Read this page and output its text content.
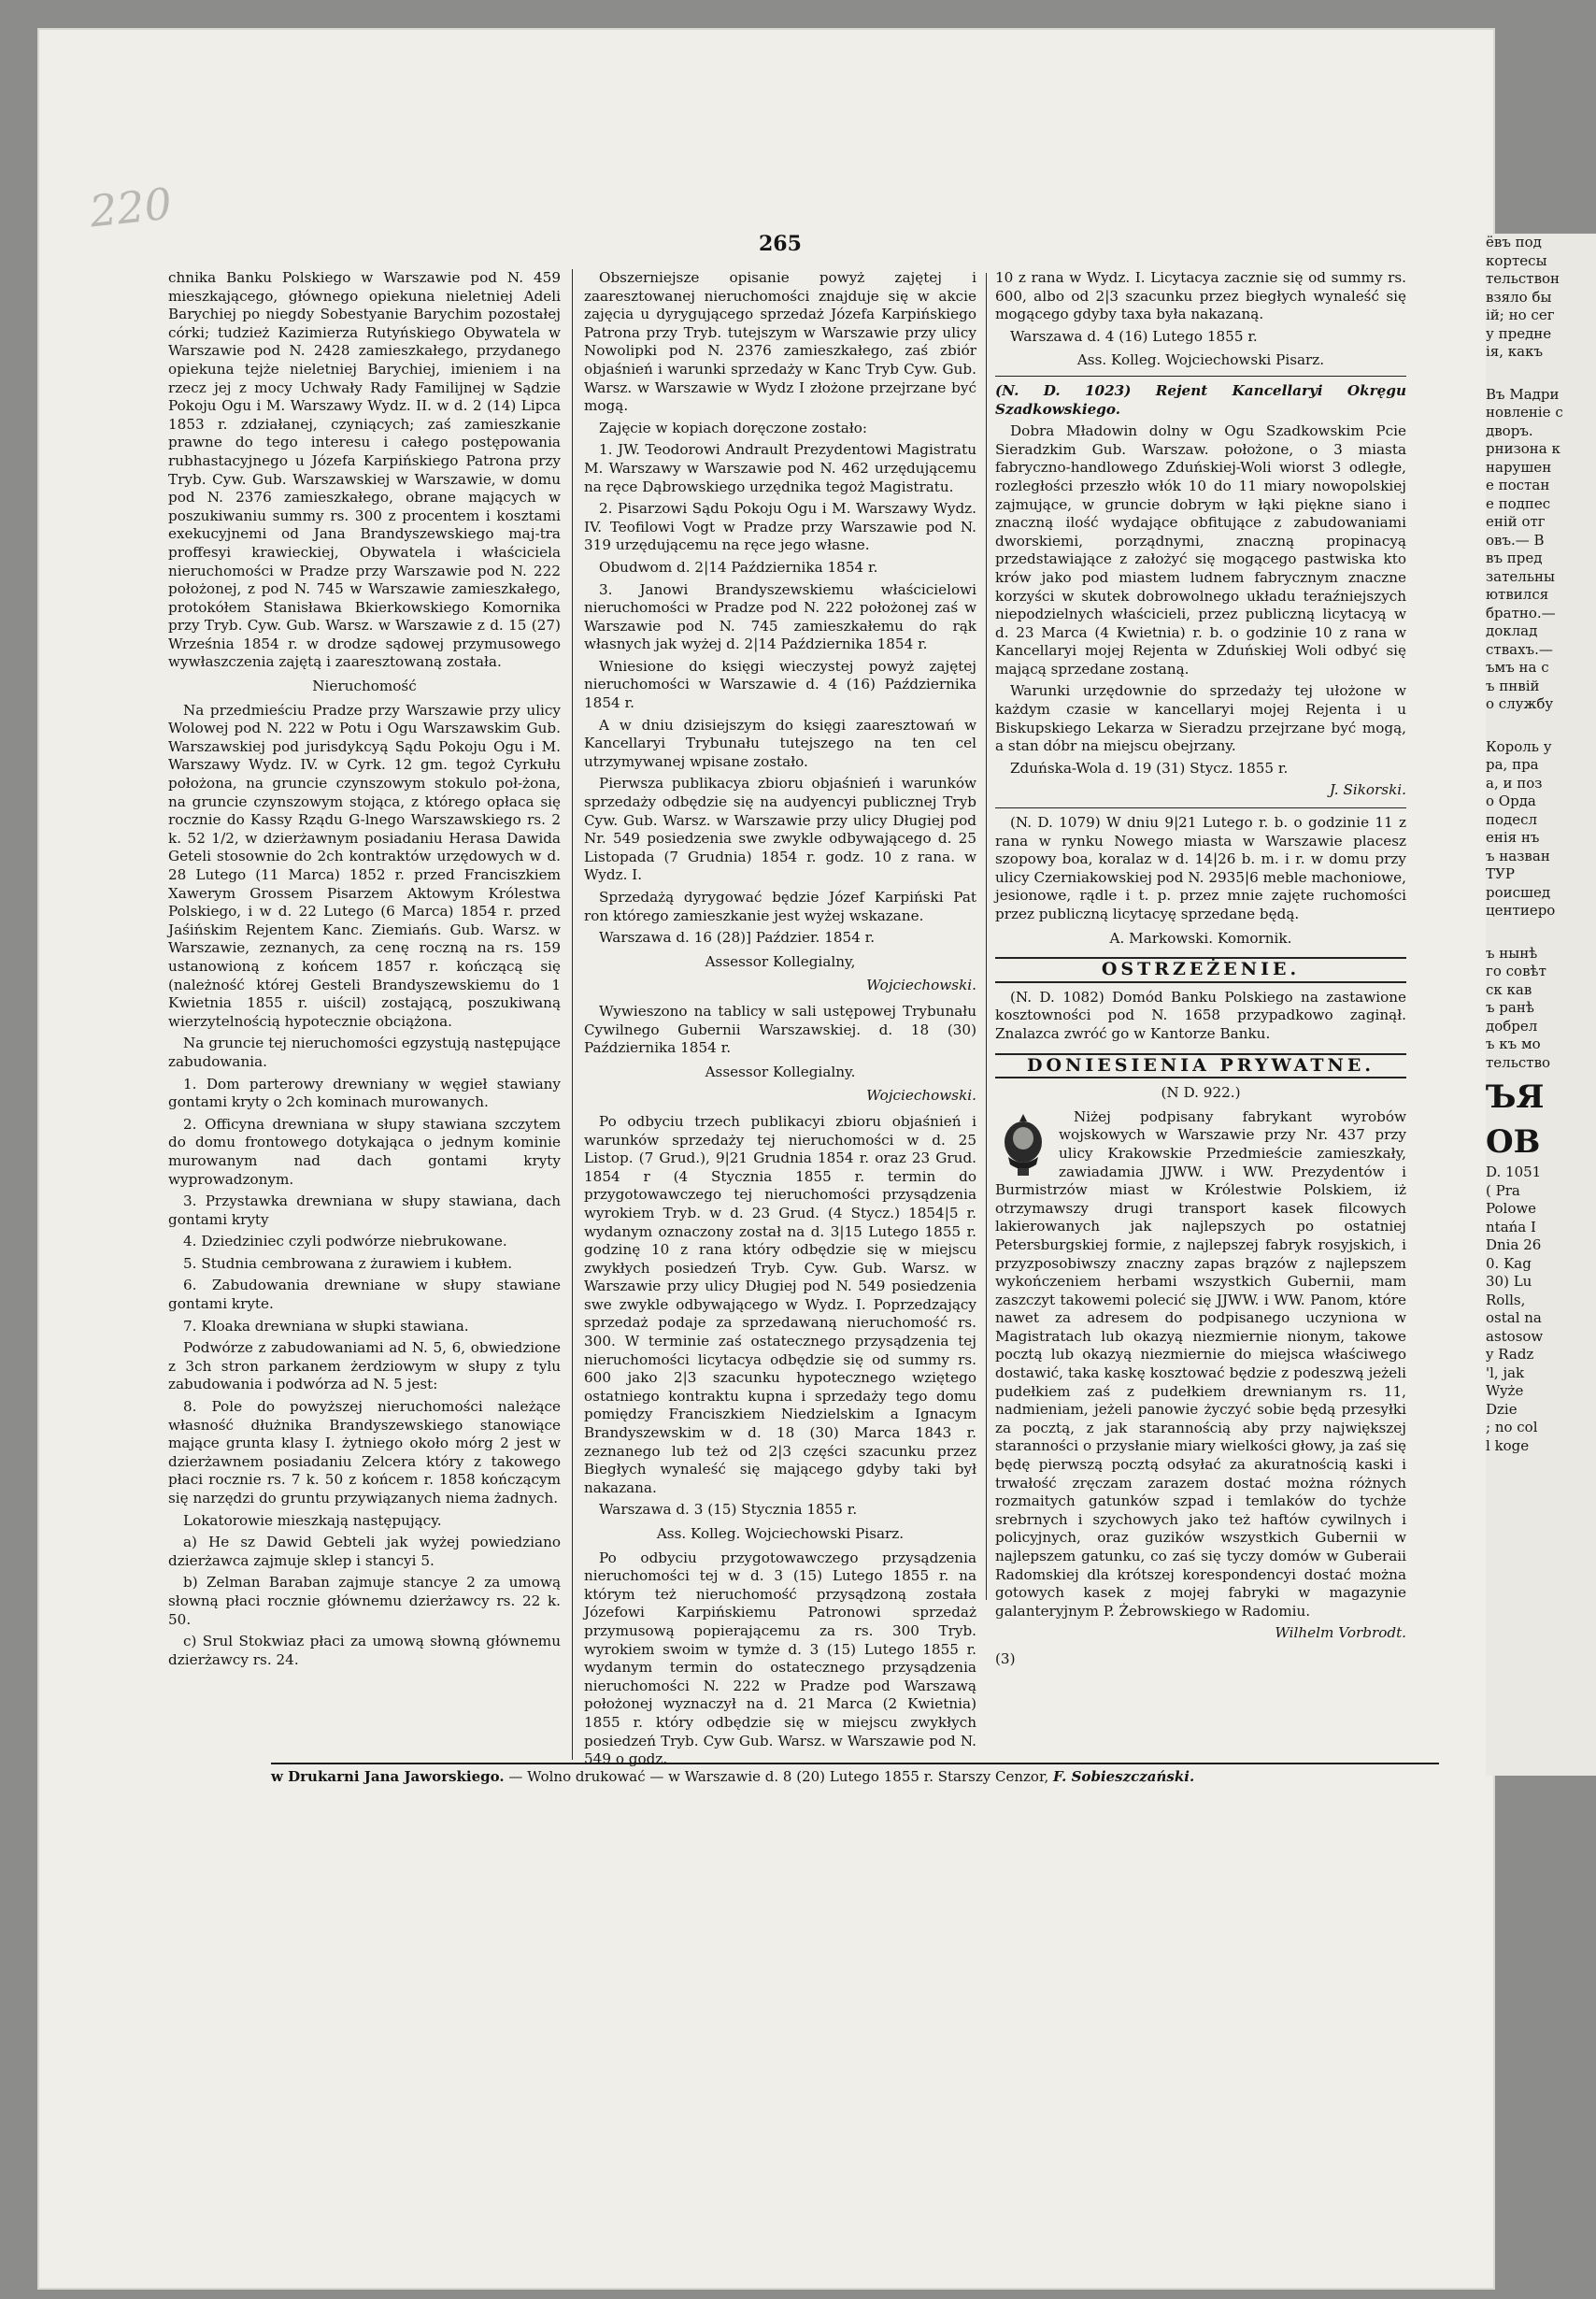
220
265

chnika Banku Polskiego w Warszawie pod N. 459 mieszkającego, głównego opiekuna nieletniej Adeli Barychiej po niegdy Sobestyanie Barychim pozostałej córki; tudzież Kazimierza Rutyńskiego Obywatela w Warszawie pod N. 2428 zamieszkałego, przydanego opiekuna tejże nieletniej Barychiej, imieniem i na rzecz jej z mocy Uchwały Rady Familijnej w Sądzie Pokoju Ogu i M. Warszawy Wydz. II. w d. 2 (14) Lipca 1853 r. zdziałanej, czyniących; zaś zamieszkanie prawne do tego interesu i całego postępowania rubhastacyjnego u Józefa Karpińskiego Patrona przy Tryb. Cyw. Gub. Warszawskiej w Warszawie, w domu pod N. 2376 zamieszkałego, obrane mających w poszukiwaniu summy rs. 300 z procentem i kosztami exekucyjnemi od Jana Brandyszewskiego maj-tra proffesyi krawieckiej, Obywatela i właściciela nieruchomości w Pradze przy Warszawie pod N. 222 położonej, z pod N. 745 w Warszawie zamieszkałego, protokółem Stanisława Bkierkowskiego Komornika przy Tryb. Cyw. Gub. Warsz. w Warszawie z d. 15 (27) Września 1854 r. w drodze sądowej przymusowego wywłaszczenia zajętą i zaaresztowaną została.

Nieruchomość

Na przedmieściu Pradze przy Warszawie przy ulicy Wolowej pod N. 222 w Potu i Ogu Warszawskim Gub. Warszawskiej pod jurisdykcyą Sądu Pokoju Ogu i M. Warszawy Wydz. IV. w Cyrk. 12 gm. tegoż Cyrkułu położona, na gruncie czynszowym stokulo poł-żona, na gruncie czynszowym stojąca, z którego opłaca się rocznie do Kassy Rządu G-lnego Warszawskiego rs. 2 k. 52 1/2, w dzierżawnym posiadaniu Herasa Dawida Geteli stosownie do 2ch kontraktów urzędowych w d. 28 Lutego (11 Marca) 1852 r. przed Franciszkiem Xawerym Grossem Pisarzem Aktowym Królestwa Polskiego, i w d. 22 Lutego (6 Marca) 1854 r. przed Jaśińskim Rejentem Kanc. Ziemiańs. Gub. Warsz. w Warszawie, zeznanych, za cenę roczną na rs. 159 ustanowioną z końcem 1857 r. kończącą się (należność której Gesteli Brandyszewskiemu do 1 Kwietnia 1855 r. uiścil) zostającą, poszukiwaną wierzytelnością hypotecznie obciążona.

Na gruncie tej nieruchomości egzystują następujące zabudowania.

1. Dom parterowy drewniany w węgieł stawiany gontami kryty o 2ch kominach murowanych.

2. Officyna drewniana w słupy stawiana szczytem do domu frontowego dotykająca o jednym kominie murowanym nad dach gontami kryty wyprowadzonym.

3. Przystawka drewniana w słupy stawiana, dach gontami kryty

4. Dziedziniec czyli podwórze niebrukowane.

5. Studnia cembrowana z żurawiem i kubłem.

6. Zabudowania drewniane w słupy stawiane gontami kryte.

7. Kloaka drewniana w słupki stawiana.

Podwórze z zabudowaniami ad N. 5, 6, obwiedzione z 3ch stron parkanem żerdziowym w słupy z tylu zabudowania i podwórza ad N. 5 jest:

8. Pole do powyższej nieruchomości należące własność dłużnika Brandyszewskiego stanowiące mające grunta klasy I. żytniego około mórg 2 jest w dzierżawnem posiadaniu Zelcera który z takowego płaci rocznie rs. 7 k. 50 z końcem r. 1858 kończącym się narzędzi do gruntu przywiązanych niema żadnych.

Lokatorowie mieszkają następujący.

a) He sz Dawid Gebteli jak wyżej powiedziano dzierżawca zajmuje sklep i stancyi 5.

b) Zelman Baraban zajmuje stancye 2 za umową słowną płaci rocznie głównemu dzierżawcy rs. 22 k. 50.

c) Srul Stokwiaz płaci za umową słowną głównemu dzierżawcy rs. 24.

Obszerniejsze opisanie powyż zajętej i zaaresztowanej nieruchomości znajduje się w akcie zajęcia u dyrygującego sprzedaż Józefa Karpińskiego Patrona przy Tryb. tutejszym w Warszawie przy ulicy Nowolipki pod N. 2376 zamieszkałego, zaś zbiór objaśnień i warunki sprzedaży w Kanc Tryb Cyw. Gub. Warsz. w Warszawie w Wydz I złożone przejrzane być mogą.

Zajęcie w kopiach doręczone zostało:

1. JW. Teodorowi Andrault Prezydentowi Magistratu M. Warszawy w Warszawie pod N. 462 urzędującemu na ręce Dąbrowskiego urzędnika tegoż Magistratu.

2. Pisarzowi Sądu Pokoju Ogu i M. Warszawy Wydz. IV. Teofilowi Vogt w Pradze przy Warszawie pod N. 319 urzędującemu na ręce jego własne.

Obudwom d. 2|14 Października 1854 r.

3. Janowi Brandyszewskiemu właścicielowi nieruchomości w Pradze pod N. 222 położonej zaś w Warszawie pod N. 745 zamieszkałemu do rąk własnych jak wyżej d. 2|14 Października 1854 r.

Wniesione do księgi wieczystej powyż zajętej nieruchomości w Warszawie d. 4 (16) Października 1854 r.

A w dniu dzisiejszym do księgi zaaresztowań w Kancellaryi Trybunału tutejszego na ten cel utrzymywanej wpisane zostało.

Pierwsza publikacya zbioru objaśnień i warunków sprzedaży odbędzie się na audyencyi publicznej Tryb Cyw. Gub. Warsz. w Warszawie przy ulicy Długiej pod Nr. 549 posiedzenia swe zwykle odbywającego d. 25 Listopada (7 Grudnia) 1854 r. godz. 10 z rana. w Wydz. I.

Sprzedażą dyrygować będzie Józef Karpiński Pat ron którego zamieszkanie jest wyżej wskazane.

Warszawa d. 16 (28)] Paździer. 1854 r.

Assessor Kollegialny,

Wojciechowski.

Wywieszono na tablicy w sali ustępowej Trybunału Cywilnego Gubernii Warszawskiej. d. 18 (30) Października 1854 r.

Assessor Kollegialny.

Wojciechowski.

Po odbyciu trzech publikacyi zbioru objaśnień i warunków sprzedaży tej nieruchomości w d. 25 Listop. (7 Grud.), 9|21 Grudnia 1854 r. oraz 23 Grud. 1854 r (4 Stycznia 1855 r. termin do przygotowawczego tej nieruchomości przysądzenia wyrokiem Tryb. w d. 23 Grud. (4 Stycz.) 1854|5 r. wydanym oznaczony został na d. 3|15 Lutego 1855 r. godzinę 10 z rana który odbędzie się w miejscu zwykłych posiedzeń Tryb. Cyw. Gub. Warsz. w Warszawie przy ulicy Długiej pod N. 549 posiedzenia swe zwykle odbywającego w Wydz. I. Poprzedzający sprzedaż podaje za sprzedawaną nieruchomość rs. 300. W terminie zaś ostatecznego przysądzenia tej nieruchomości licytacya odbędzie się od summy rs. 600 jako 2|3 szacunku hypotecznego wziętego ostatniego kontraktu kupna i sprzedaży tego domu pomiędzy Franciszkiem Niedzielskim a Ignacym Brandyszewskim w d. 18 (30) Marca 1843 r. zeznanego lub też od 2|3 części szacunku przez Biegłych wynaleść się mającego gdyby taki był nakazana.

Warszawa d. 3 (15) Stycznia 1855 r.

Ass. Kolleg. Wojciechowski Pisarz.

Po odbyciu przygotowawczego przysądzenia nieruchomości tej w d. 3 (15) Lutego 1855 r. na którym też nieruchomość przysądzoną została Józefowi Karpińskiemu Patronowi sprzedaż przymusową popierającemu za rs. 300 Tryb. wyrokiem swoim w tymże d. 3 (15) Lutego 1855 r. wydanym termin do ostatecznego przysądzenia nieruchomości N. 222 w Pradze pod Warszawą położonej wyznaczył na d. 21 Marca (2 Kwietnia) 1855 r. który odbędzie się w miejscu zwykłych posiedzeń Tryb. Cyw Gub. Warsz. w Warszawie pod N. 549 o godz.

10 z rana w Wydz. I. Licytacya zacznie się od summy rs. 600, albo od 2|3 szacunku przez biegłych wynaleść się mogącego gdyby taxa była nakazaną.

Warszawa d. 4 (16) Lutego 1855 r.

Ass. Kolleg. Wojciechowski Pisarz.

(N. D. 1023) Rejent Kancellaryi Okręgu Szadkowskiego.

Dobra Mładowin dolny w Ogu Szadkowskim Pcie Sieradzkim Gub. Warszaw. położone, o 3 miasta fabryczno-handlowego Zduńskiej-Woli wiorst 3 odległe, rozległości przeszło włók 10 do 11 miary nowopolskiej zajmujące, w gruncie dobrym w łąki piękne siano i znaczną ilość wydające obfitujące z zabudowaniami dworskiemi, porządnymi, znaczną propinacyą przedstawiające z założyć się mogącego pastwiska kto krów jako pod miastem ludnem fabrycznym znaczne korzyści w skutek dobrowolnego układu teraźniejszych niepodzielnych właścicieli, przez publiczną licytacyą w d. 23 Marca (4 Kwietnia) r. b. o godzinie 10 z rana w Kancellaryi mojej Rejenta w Zduńskiej Woli odbyć się mającą sprzedane zostaną.

Warunki urzędownie do sprzedaży tej ułożone w każdym czasie w kancellaryi mojej Rejenta i u Biskupskiego Lekarza w Sieradzu przejrzane być mogą, a stan dóbr na miejscu obejrzany.

Zduńska-Wola d. 19 (31) Stycz. 1855 r.

J. Sikorski.

(N. D. 1079) W dniu 9|21 Lutego r. b. o godzinie 11 z rana w rynku Nowego miasta w Warszawie placesz szopowy boa, koralaz w d. 14|26 b. m. i r. w domu przy ulicy Czerniakowskiej pod N. 2935|6 meble machoniowe, jesionowe, rądle i t. p. przez mnie zajęte ruchomości przez publiczną licytacyę sprzedane będą.

A. Markowski. Komornik.

OSTRZEŻENIE.

(N. D. 1082) Domód Banku Polskiego na zastawione kosztowności pod N. 1658 przypadkowo zaginął. Znalazca zwróć go w Kantorze Banku.

DONIESIENIA PRYWATNE.

(N D. 922.)

Niżej podpisany fabrykant wyrobów wojskowych w Warszawie przy Nr. 437 przy ulicy Krakowskie Przedmieście zamieszkały, zawiadamia JJWW. i WW. Prezydentów i Burmistrzów miast w Królestwie Polskiem, iż otrzymawszy drugi transport kasek filcowych lakierowanych jak najlepszych po ostatniej Petersburgskiej formie, z najlepszej fabryk rosyjskich, i przyzposobiwszy znaczny zapas brązów z najlepszem wykończeniem herbami wszystkich Gubernii, mam zaszczyt takowemi polecić się JJWW. i WW. Panom, które nawet za adresem do podpisanego uczyniona w Magistratach lub okazyą niezmiernie nionym, takowe pocztą lub okazyą niezmiernie do miejsca właściwego dostawić, taka kaskę kosztować będzie z podeszwą jeżeli pudełkiem zaś z pudełkiem drewnianym rs. 11, nadmieniam, jeżeli panowie życzyć sobie będą przesyłki za pocztą, z jak starannością aby przy największej staranności o przysłanie miary wielkości głowy, ja zaś się będę pierwszą pocztą odsyłać za akuratnością kaski i trwałość zręczam zarazem dostać można różnych rozmaitych gatunków szpad i temlaków do tychże srebrnych i szychowych jako też haftów cywilnych i policyjnych, oraz guzików wszystkich Gubernii w najlepszem gatunku, co zaś się tyczy domów w Guberaii Radomskiej dla krótszej korespondencyi dostać można gotowych kasek z mojej fabryki w magazynie galanteryjnym P. Żebrowskiego w Radomiu.

Wilhelm Vorbrodt.

(3)

w Drukarni Jana Jaworskiego. — Wolno drukować — w Warszawie d. 8 (20) Lutego 1855 r. Starszy Cenzor, F. Sobieszczański.
ёвъ под
кортесы
тельствон
взяло бы
ій; но сег
у предне
ія, какъ
Въ Мадри
новленіе с
дворъ.
рнизона к
нарушен
е постан
е подпес
еній отг
овъ.— В
въ пред
зательны
ютвился
братно.—
доклад
ствахъ.—
ъмъ на с
ъ пнвій
о службу
Король у
ра, пра
а, и поз
о Орда
подесл
енія нъ
ъ назван
ТУР
роисшед
центиеро
ъ нынѣ
го совѣт
ск кав
ъ ранѣ
добрел
ъ къ мо
тельство
ЪЯ
ОВ
D. 1051
( Pra
Polowe
ntańa I
Dnia 26
0. Kag
30) Lu
Rolls,
ostal na
astosow
y Radz
'l, jak
Wyże
Dzie
; no col
l koge
